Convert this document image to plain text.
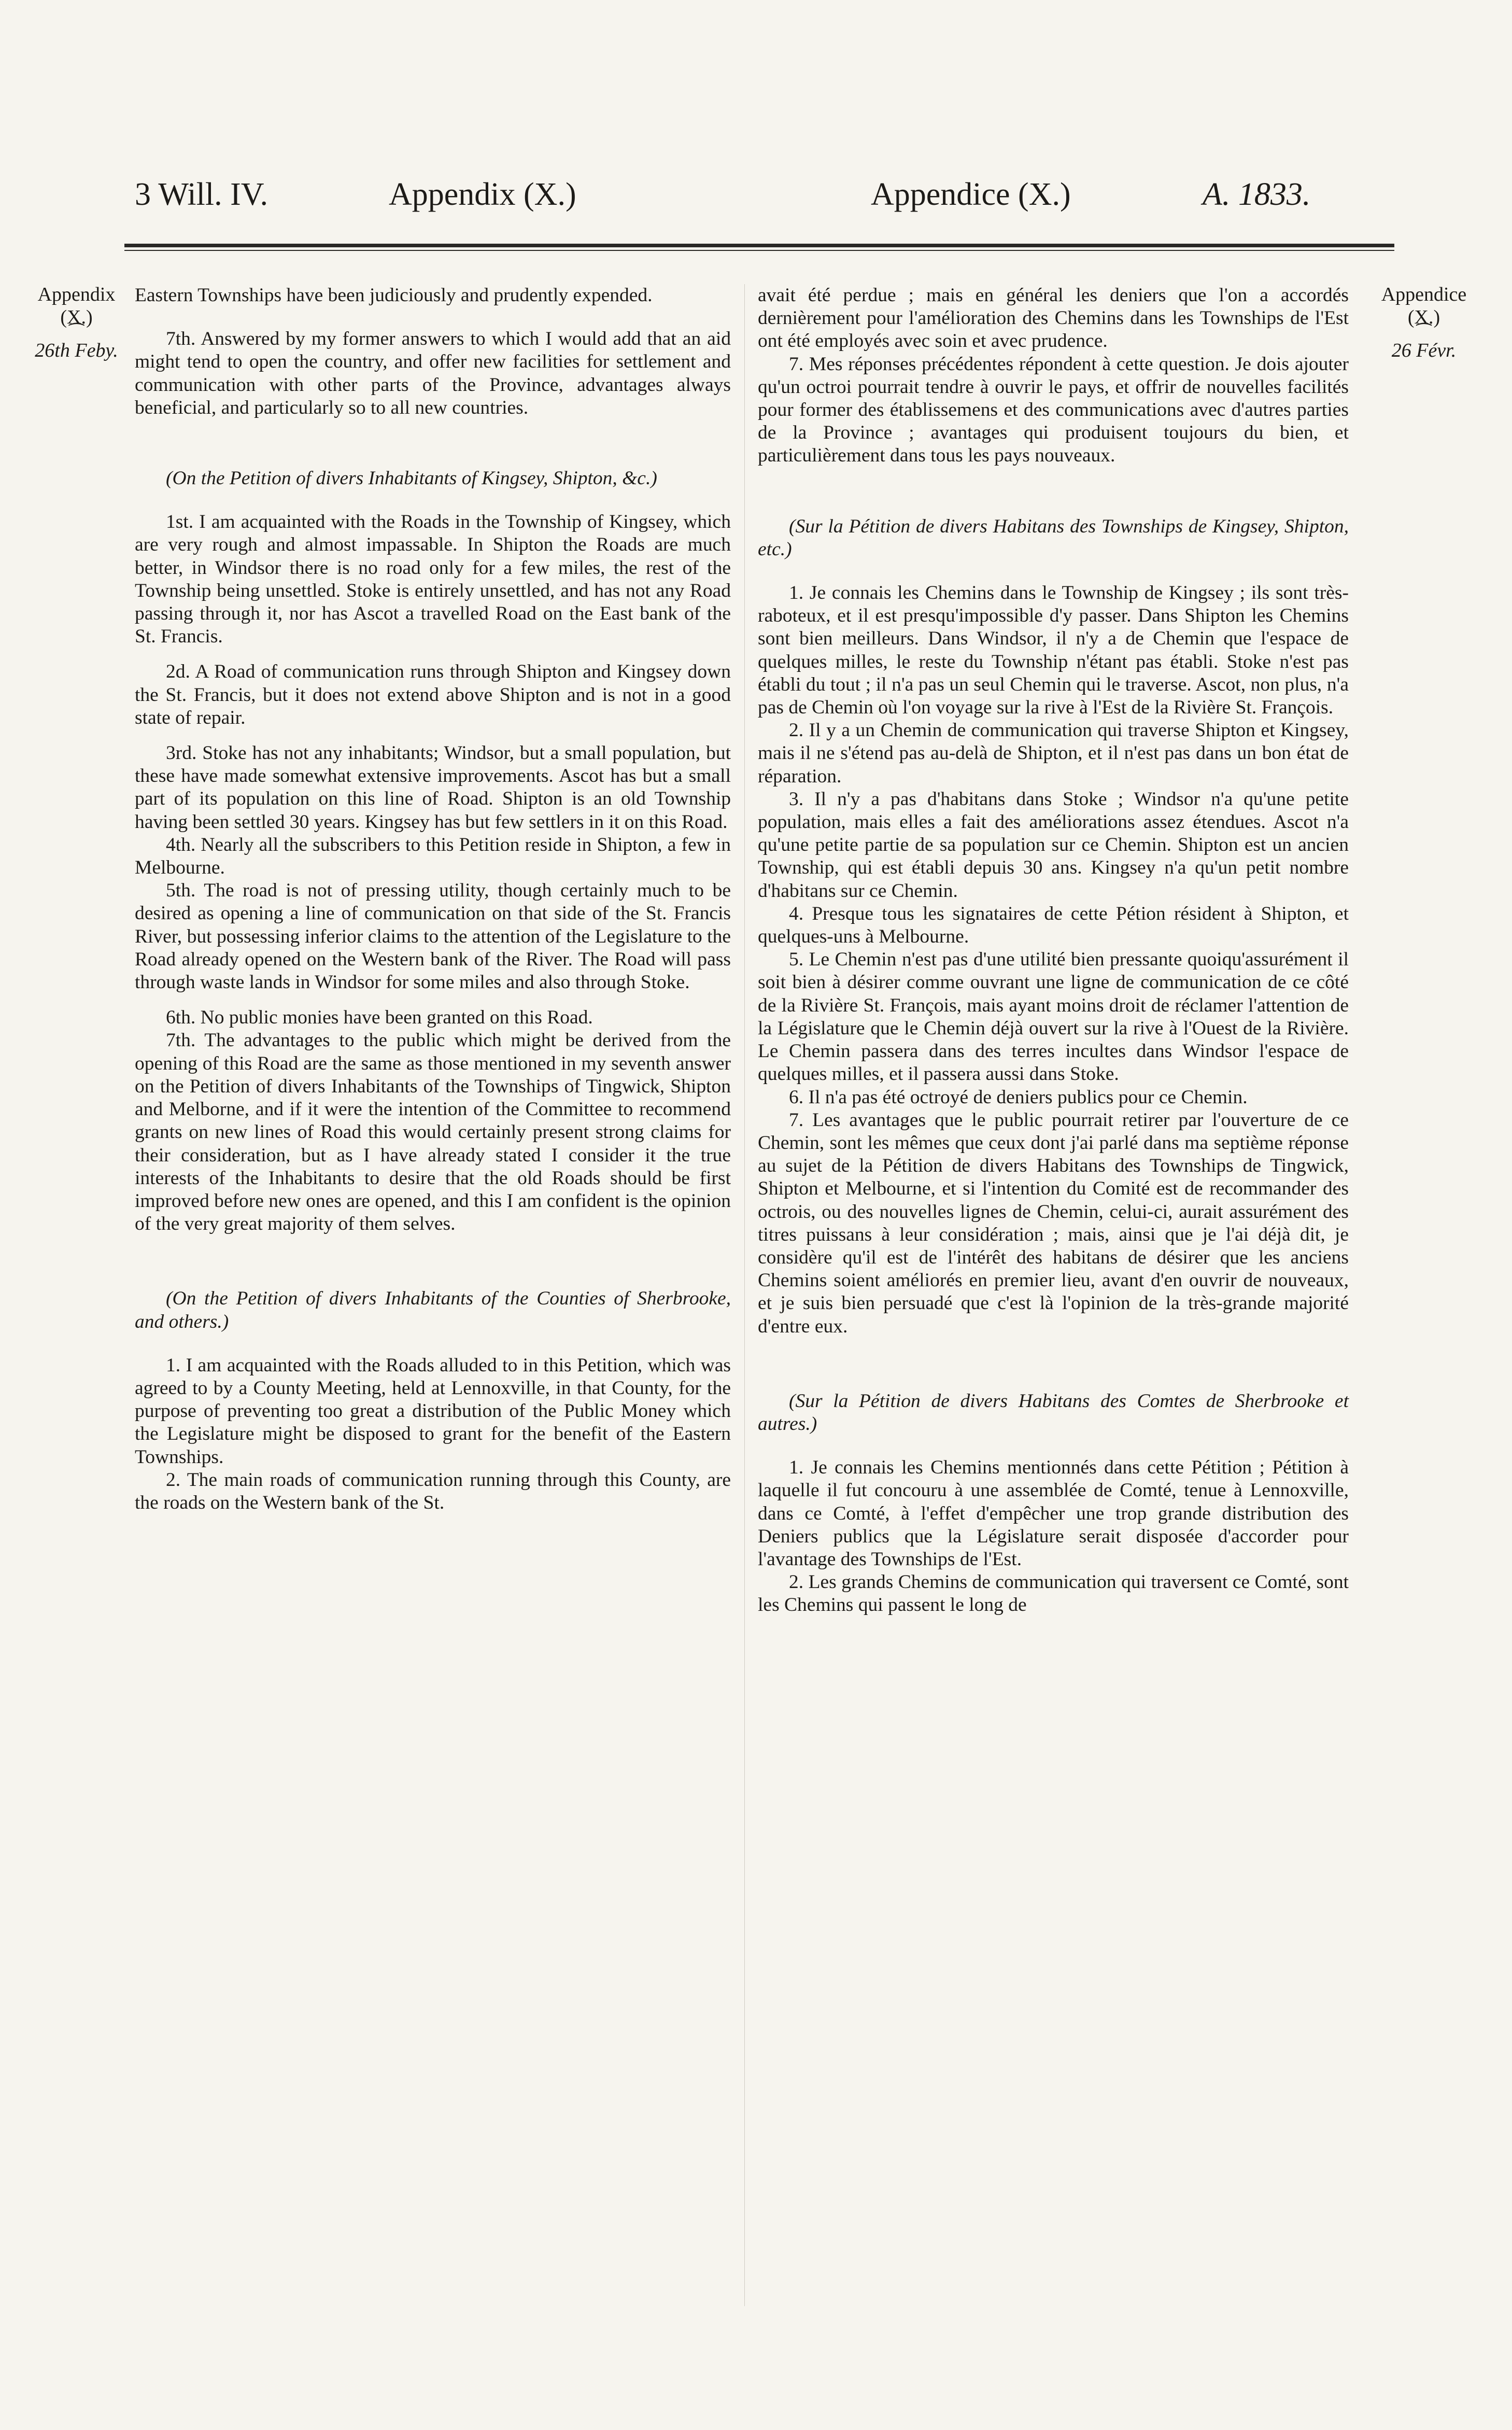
3 Will. IV.	Appendix (X.)	Appendice (X.)	A. 1833.
Appendix
(X.)
⁀
26th Feby.
Appendice
(X.)
⁀
26 Févr.

Eastern Townships have been judiciously and prudently expended.

7th. Answered by my former answers to which I would add that an aid might tend to open the country, and offer new facilities for settlement and communication with other parts of the Province, advantages always beneficial, and particularly so to all new countries.

(On the Petition of divers Inhabitants of Kingsey, Shipton, &c.)

1st. I am acquainted with the Roads in the Township of Kingsey, which are very rough and almost impassable. In Shipton the Roads are much better, in Windsor there is no road only for a few miles, the rest of the Township being unsettled. Stoke is entirely unsettled, and has not any Road passing through it, nor has Ascot a travelled Road on the East bank of the St. Francis.

2d. A Road of communication runs through Shipton and Kingsey down the St. Francis, but it does not extend above Shipton and is not in a good state of repair.

3rd. Stoke has not any inhabitants; Windsor, but a small population, but these have made somewhat extensive improvements. Ascot has but a small part of its population on this line of Road. Shipton is an old Township having been settled 30 years. Kingsey has but few settlers in it on this Road.

4th. Nearly all the subscribers to this Petition reside in Shipton, a few in Melbourne.

5th. The road is not of pressing utility, though certainly much to be desired as opening a line of communication on that side of the St. Francis River, but possessing inferior claims to the attention of the Legislature to the Road already opened on the Western bank of the River. The Road will pass through waste lands in Windsor for some miles and also through Stoke.

6th. No public monies have been granted on this Road.

7th. The advantages to the public which might be derived from the opening of this Road are the same as those mentioned in my seventh answer on the Petition of divers Inhabitants of the Townships of Tingwick, Shipton and Melborne, and if it were the intention of the Committee to recommend grants on new lines of Road this would certainly present strong claims for their consideration, but as I have already stated I consider it the true interests of the Inhabitants to desire that the old Roads should be first improved before new ones are opened, and this I am confident is the opinion of the very great majority of them selves.

(On the Petition of divers Inhabitants of the Counties of Sherbrooke, and others.)

1. I am acquainted with the Roads alluded to in this Petition, which was agreed to by a County Meeting, held at Lennoxville, in that County, for the purpose of preventing too great a distribution of the Public Money which the Legislature might be disposed to grant for the benefit of the Eastern Townships.

2. The main roads of communication running through this County, are the roads on the Western bank of the St.

avait été perdue ; mais en général les deniers que l'on a accordés dernièrement pour l'amélioration des Chemins dans les Townships de l'Est ont été employés avec soin et avec prudence.

7. Mes réponses précédentes répondent à cette question. Je dois ajouter qu'un octroi pourrait tendre à ouvrir le pays, et offrir de nouvelles facilités pour former des établissemens et des communications avec d'autres parties de la Province ; avantages qui produisent toujours du bien, et particulièrement dans tous les pays nouveaux.

(Sur la Pétition de divers Habitans des Townships de Kingsey, Shipton, etc.)

1. Je connais les Chemins dans le Township de Kingsey ; ils sont très-raboteux, et il est presqu'impossible d'y passer. Dans Shipton les Chemins sont bien meilleurs. Dans Windsor, il n'y a de Chemin que l'espace de quelques milles, le reste du Township n'étant pas établi. Stoke n'est pas établi du tout ; il n'a pas un seul Chemin qui le traverse. Ascot, non plus, n'a pas de Chemin où l'on voyage sur la rive à l'Est de la Rivière St. François.

2. Il y a un Chemin de communication qui traverse Shipton et Kingsey, mais il ne s'étend pas au-delà de Shipton, et il n'est pas dans un bon état de réparation.

3. Il n'y a pas d'habitans dans Stoke ; Windsor n'a qu'une petite population, mais elles a fait des améliorations assez étendues. Ascot n'a qu'une petite partie de sa population sur ce Chemin. Shipton est un ancien Township, qui est établi depuis 30 ans. Kingsey n'a qu'un petit nombre d'habitans sur ce Chemin.

4. Presque tous les signataires de cette Pétion résident à Shipton, et quelques-uns à Melbourne.

5. Le Chemin n'est pas d'une utilité bien pressante quoiqu'assurément il soit bien à désirer comme ouvrant une ligne de communication de ce côté de la Rivière St. François, mais ayant moins droit de réclamer l'attention de la Législature que le Chemin déjà ouvert sur la rive à l'Ouest de la Rivière. Le Chemin passera dans des terres incultes dans Windsor l'espace de quelques milles, et il passera aussi dans Stoke.

6. Il n'a pas été octroyé de deniers publics pour ce Chemin.

7. Les avantages que le public pourrait retirer par l'ouverture de ce Chemin, sont les mêmes que ceux dont j'ai parlé dans ma septième réponse au sujet de la Pétition de divers Habitans des Townships de Tingwick, Shipton et Melbourne, et si l'intention du Comité est de recommander des octrois, ou des nouvelles lignes de Chemin, celui-ci, aurait assurément des titres puissans à leur considération ; mais, ainsi que je l'ai déjà dit, je considère qu'il est de l'intérêt des habitans de désirer que les anciens Chemins soient améliorés en premier lieu, avant d'en ouvrir de nouveaux, et je suis bien persuadé que c'est là l'opinion de la très-grande majorité d'entre eux.

(Sur la Pétition de divers Habitans des Comtes de Sherbrooke et autres.)

1. Je connais les Chemins mentionnés dans cette Pétition ; Pétition à laquelle il fut concouru à une assemblée de Comté, tenue à Lennoxville, dans ce Comté, à l'effet d'empêcher une trop grande distribution des Deniers publics que la Législature serait disposée d'accorder pour l'avantage des Townships de l'Est.

2. Les grands Chemins de communication qui traversent ce Comté, sont les Chemins qui passent le long de
